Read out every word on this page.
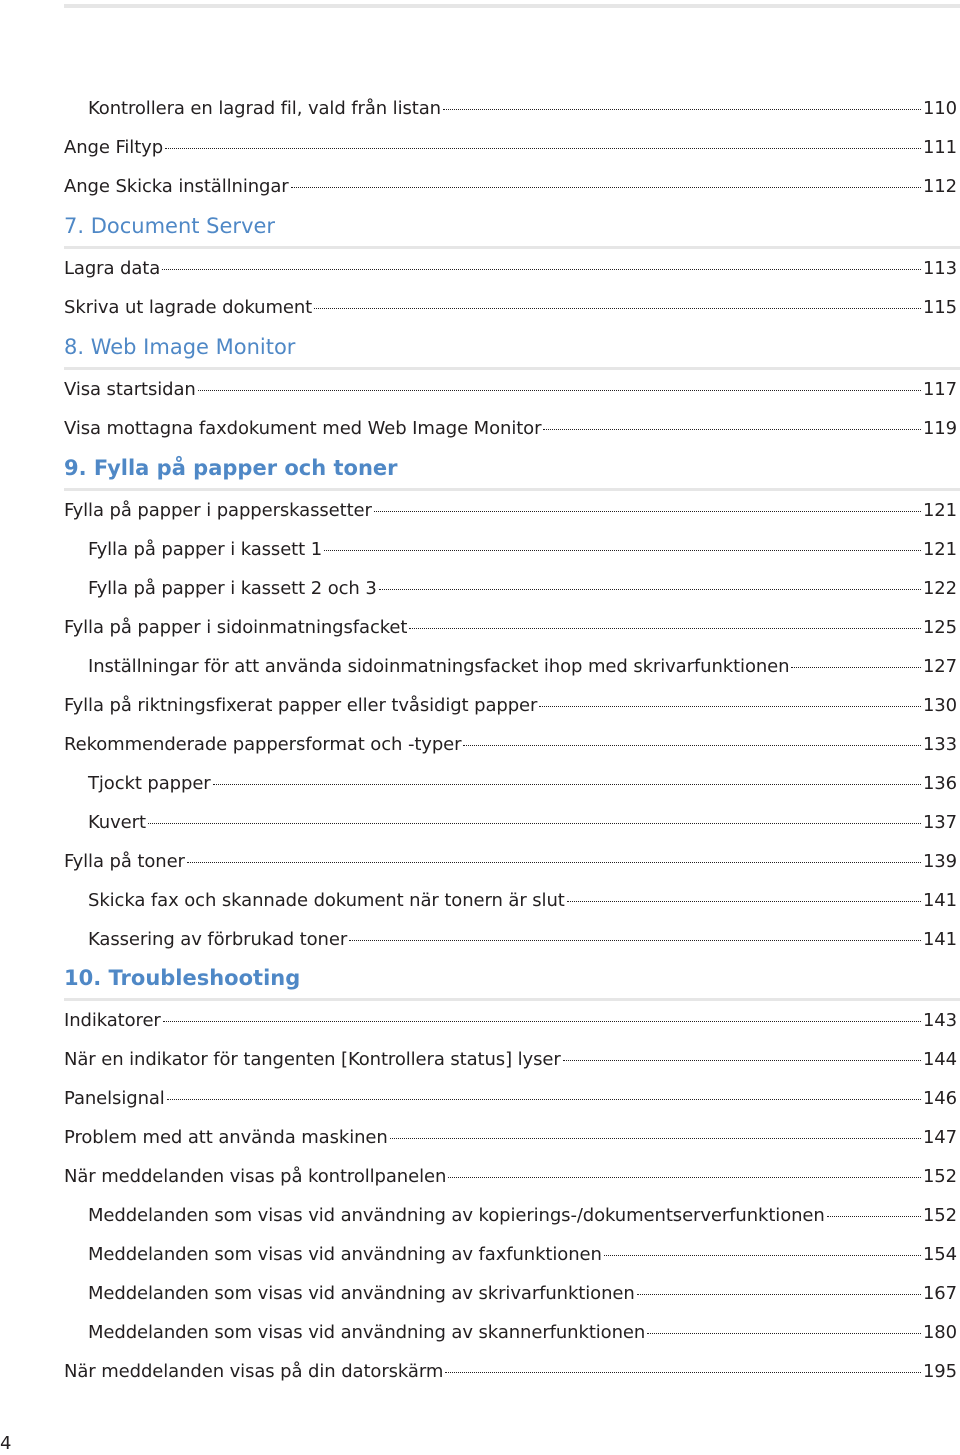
Kontrollera en lagrad fil, vald från listan	110
Ange Filtyp	111
Ange Skicka inställningar	112
7. Document Server
Lagra data	113
Skriva ut lagrade dokument	115
8. Web Image Monitor
Visa startsidan	117
Visa mottagna faxdokument med Web Image Monitor	119
9. Fylla på papper och toner
Fylla på papper i papperskassetter	121
Fylla på papper i kassett 1	121
Fylla på papper i kassett 2 och 3	122
Fylla på papper i sidoinmatningsfacket	125
Inställningar för att använda sidoinmatningsfacket ihop med skrivarfunktionen	127
Fylla på riktningsfixerat papper eller tvåsidigt papper	130
Rekommenderade pappersformat och -typer	133
Tjockt papper	136
Kuvert	137
Fylla på toner	139
Skicka fax och skannade dokument när tonern är slut	141
Kassering av förbrukad toner	141
10. Troubleshooting
Indikatorer	143
När en indikator för tangenten [Kontrollera status] lyser	144
Panelsignal	146
Problem med att använda maskinen	147
När meddelanden visas på kontrollpanelen	152
Meddelanden som visas vid användning av kopierings-/dokumentserverfunktionen	152
Meddelanden som visas vid användning av faxfunktionen	154
Meddelanden som visas vid användning av skrivarfunktionen	167
Meddelanden som visas vid användning av skannerfunktionen	180
När meddelanden visas på din datorskärm	195
4
